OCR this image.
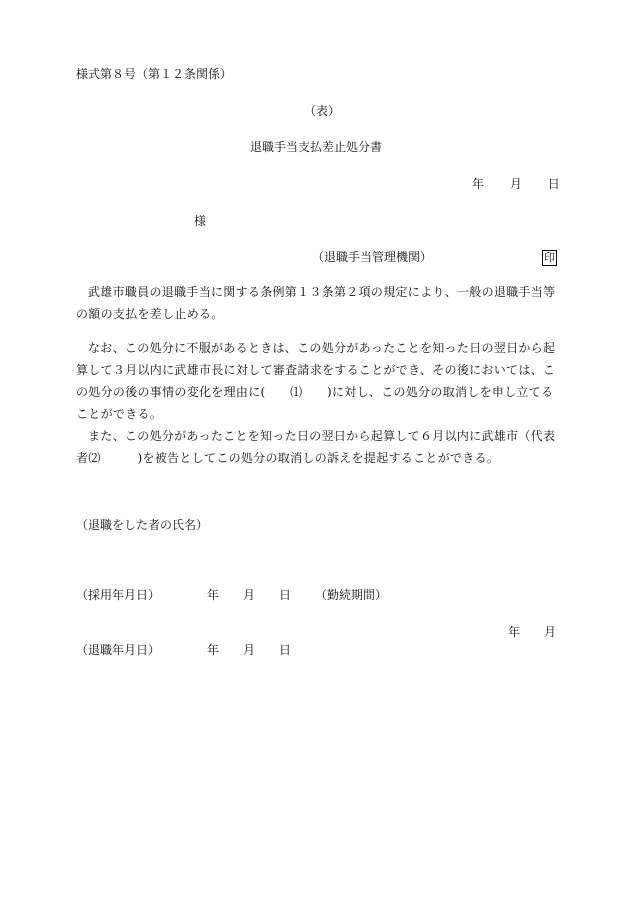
様式第８号（第１２条関係）
（表）
退職手当支払差止処分書
年 月 日
様
（退職手当管理機関）	印
武雄市職員の退職手当に関する条例第１３条第２項の規定により、一般の退職手当等の額の支払を差し止める。
なお、この処分に不服があるときは、この処分があったことを知った日の翌日から起算して３月以内に武雄市長に対して審査請求をすることができ、その後においては、この処分の後の事情の変化を理由に(　　⑴　　)に対し、この処分の取消しを申し立てることができる。
また、この処分があったことを知った日の翌日から起算して６月以内に武雄市（代表者⑵　　　)を被告としてこの処分の取消しの訴えを提起することができる。
（退職をした者の氏名）
（採用年月日）	年 月 日 （勤続期間）
年 月
（退職年月日）	年 月 日
